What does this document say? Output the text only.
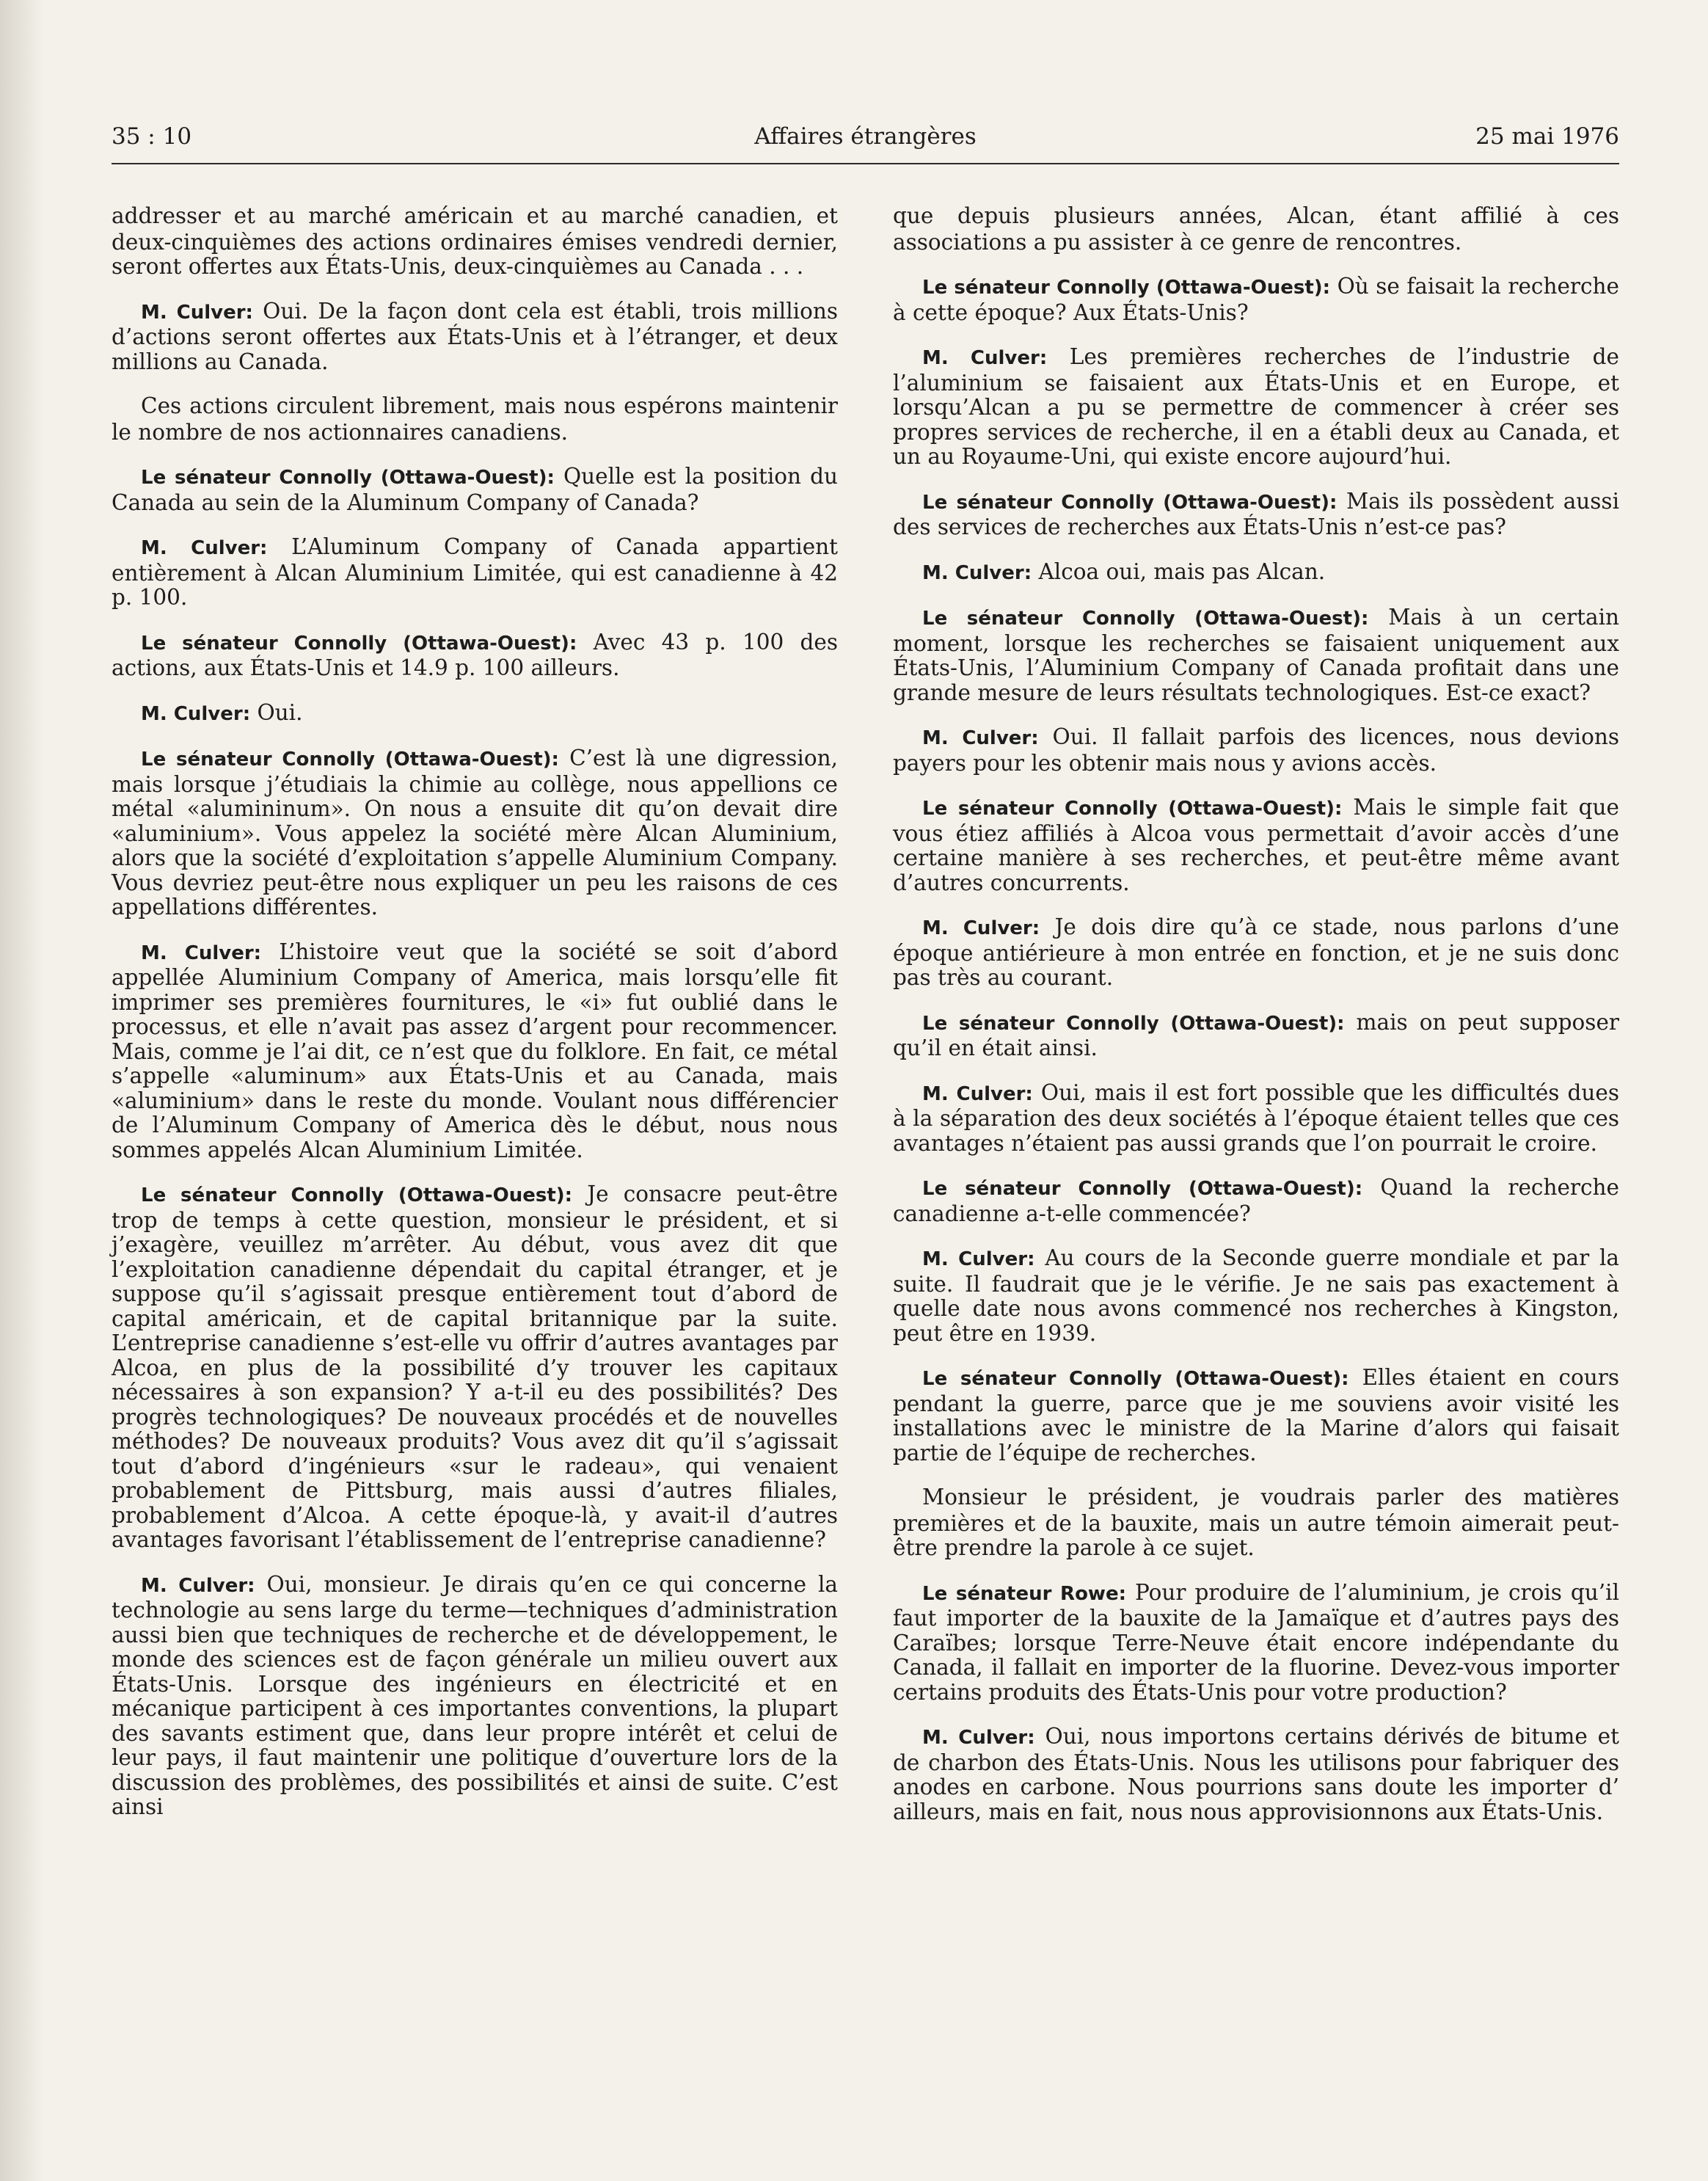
35 : 10	Affaires étrangères	25 mai 1976

addresser et au marché américain et au marché canadien, et deux-cinquièmes des actions ordinaires émises vendredi dernier, seront offertes aux États-Unis, deux-cinquièmes au Canada . . .

M. Culver: Oui. De la façon dont cela est établi, trois millions d’actions seront offertes aux États-Unis et à l’étranger, et deux millions au Canada.

Ces actions circulent librement, mais nous espérons maintenir le nombre de nos actionnaires canadiens.

Le sénateur Connolly (Ottawa-Ouest): Quelle est la position du Canada au sein de la Aluminum Company of Canada?

M. Culver: L’Aluminum Company of Canada appartient entièrement à Alcan Aluminium Limitée, qui est canadienne à 42 p. 100.

Le sénateur Connolly (Ottawa-Ouest): Avec 43 p. 100 des actions, aux États-Unis et 14.9 p. 100 ailleurs.

M. Culver: Oui.

Le sénateur Connolly (Ottawa-Ouest): C’est là une digression, mais lorsque j’étudiais la chimie au collège, nous appellions ce métal «alumininum». On nous a ensuite dit qu’on devait dire «aluminium». Vous appelez la société mère Alcan Aluminium, alors que la société d’exploitation s’appelle Aluminium Company. Vous devriez peut-être nous expliquer un peu les raisons de ces appellations différentes.

M. Culver: L’histoire veut que la société se soit d’abord appellée Aluminium Company of America, mais lorsqu’elle fit imprimer ses premières fournitures, le «i» fut oublié dans le processus, et elle n’avait pas assez d’argent pour recommencer. Mais, comme je l’ai dit, ce n’est que du folklore. En fait, ce métal s’appelle «aluminum» aux États-Unis et au Canada, mais «aluminium» dans le reste du monde. Voulant nous différencier de l’Aluminum Company of America dès le début, nous nous sommes appelés Alcan Aluminium Limitée.

Le sénateur Connolly (Ottawa-Ouest): Je consacre peut-être trop de temps à cette question, monsieur le président, et si j’exagère, veuillez m’arrêter. Au début, vous avez dit que l’exploitation canadienne dépendait du capital étranger, et je suppose qu’il s’agissait presque entièrement tout d’abord de capital américain, et de capital britannique par la suite. L’entreprise canadienne s’est-elle vu offrir d’autres avantages par Alcoa, en plus de la possibilité d’y trouver les capitaux nécessaires à son expansion? Y a-t-il eu des possibilités? Des progrès technologiques? De nouveaux procédés et de nouvelles méthodes? De nouveaux produits? Vous avez dit qu’il s’agissait tout d’abord d’ingénieurs «sur le radeau», qui venaient probablement de Pittsburg, mais aussi d’autres filiales, probablement d’Alcoa. A cette époque-là, y avait-il d’autres avantages favorisant l’établissement de l’entreprise canadienne?

M. Culver: Oui, monsieur. Je dirais qu’en ce qui concerne la technologie au sens large du terme—techniques d’administration aussi bien que techniques de recherche et de développement, le monde des sciences est de façon générale un milieu ouvert aux États-Unis. Lorsque des ingénieurs en électricité et en mécanique participent à ces importantes conventions, la plupart des savants estiment que, dans leur propre intérêt et celui de leur pays, il faut maintenir une politique d’ouverture lors de la discussion des problèmes, des possibilités et ainsi de suite. C’est ainsi

que depuis plusieurs années, Alcan, étant affilié à ces associations a pu assister à ce genre de rencontres.

Le sénateur Connolly (Ottawa-Ouest): Où se faisait la recherche à cette époque? Aux États-Unis?

M. Culver: Les premières recherches de l’industrie de l’aluminium se faisaient aux États-Unis et en Europe, et lorsqu’Alcan a pu se permettre de commencer à créer ses propres services de recherche, il en a établi deux au Canada, et un au Royaume-Uni, qui existe encore aujourd’hui.

Le sénateur Connolly (Ottawa-Ouest): Mais ils possèdent aussi des services de recherches aux États-Unis n’est-ce pas?

M. Culver: Alcoa oui, mais pas Alcan.

Le sénateur Connolly (Ottawa-Ouest): Mais à un certain moment, lorsque les recherches se faisaient uniquement aux États-Unis, l’Aluminium Company of Canada profitait dans une grande mesure de leurs résultats technologiques. Est-ce exact?

M. Culver: Oui. Il fallait parfois des licences, nous devions payers pour les obtenir mais nous y avions accès.

Le sénateur Connolly (Ottawa-Ouest): Mais le simple fait que vous étiez affiliés à Alcoa vous permettait d’avoir accès d’une certaine manière à ses recherches, et peut-être même avant d’autres concurrents.

M. Culver: Je dois dire qu’à ce stade, nous parlons d’une époque antiérieure à mon entrée en fonction, et je ne suis donc pas très au courant.

Le sénateur Connolly (Ottawa-Ouest): mais on peut supposer qu’il en était ainsi.

M. Culver: Oui, mais il est fort possible que les difficultés dues à la séparation des deux sociétés à l’époque étaient telles que ces avantages n’étaient pas aussi grands que l’on pourrait le croire.

Le sénateur Connolly (Ottawa-Ouest): Quand la recherche canadienne a-t-elle commencée?

M. Culver: Au cours de la Seconde guerre mondiale et par la suite. Il faudrait que je le vérifie. Je ne sais pas exactement à quelle date nous avons commencé nos recherches à Kingston, peut être en 1939.

Le sénateur Connolly (Ottawa-Ouest): Elles étaient en cours pendant la guerre, parce que je me souviens avoir visité les installations avec le ministre de la Marine d’alors qui faisait partie de l’équipe de recherches.

Monsieur le président, je voudrais parler des matières premières et de la bauxite, mais un autre témoin aimerait peut-être prendre la parole à ce sujet.

Le sénateur Rowe: Pour produire de l’aluminium, je crois qu’il faut importer de la bauxite de la Jamaïque et d’autres pays des Caraïbes; lorsque Terre-Neuve était encore indépendante du Canada, il fallait en importer de la fluorine. Devez-vous importer certains produits des États-Unis pour votre production?

M. Culver: Oui, nous importons certains dérivés de bitume et de charbon des États-Unis. Nous les utilisons pour fabriquer des anodes en carbone. Nous pourrions sans doute les importer d’ ailleurs, mais en fait, nous nous approvisionnons aux États-Unis.
